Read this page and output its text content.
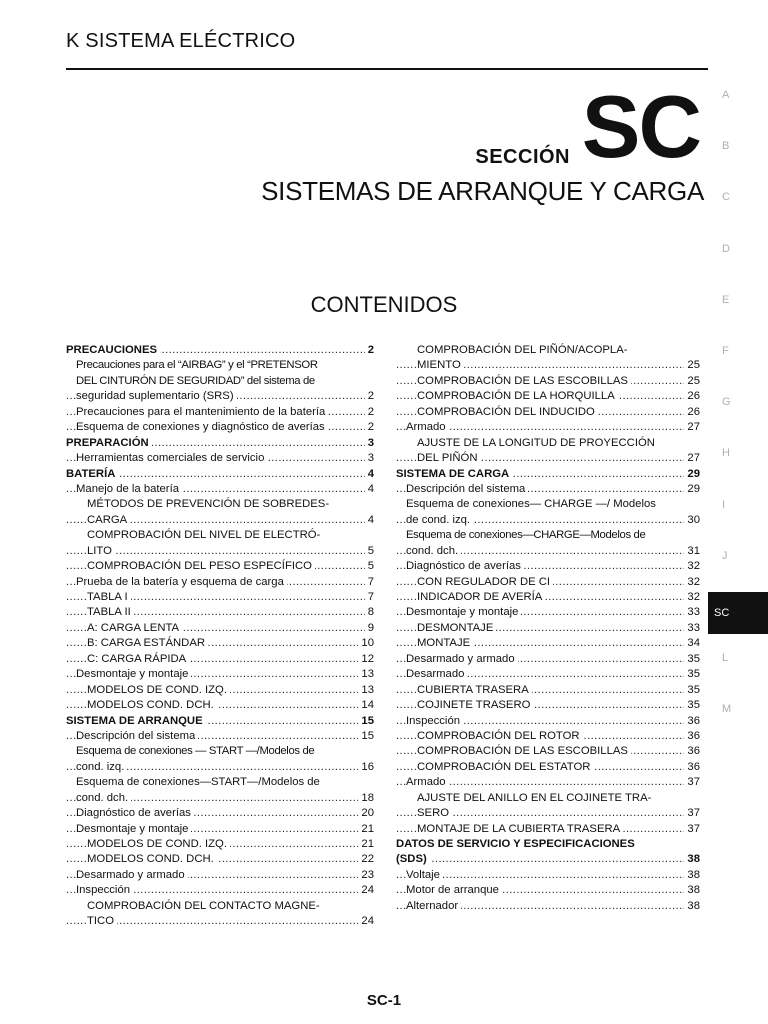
K SISTEMA ELÉCTRICO
SECCIÓN SC
SISTEMAS DE ARRANQUE Y CARGA
CONTENIDOS
..... PRECAUCIONES	2
Precauciones para el “AIRBAG” y el “PRETENSOR
DEL CINTURÓN DE SEGURIDAD” del sistema de
..... seguridad suplementario (SRS)	2
..... Precauciones para el mantenimiento de la batería	2
..... Esquema de conexiones y diagnóstico de averías	2
..... PREPARACIÓN	3
..... Herramientas comerciales de servicio	3
..... BATERÍA	4
..... Manejo de la batería	4
MÉTODOS DE PREVENCIÓN DE SOBREDES-
..... CARGA	4
COMPROBACIÓN DEL NIVEL DE ELECTRÓ-
..... LITO	5
..... COMPROBACIÓN DEL PESO ESPECÍFICO	5
..... Prueba de la batería y esquema de carga	7
..... TABLA I	7
..... TABLA II	8
..... A: CARGA LENTA	9
..... B: CARGA ESTÁNDAR	10
..... C: CARGA RÁPIDA	12
..... Desmontaje y montaje	13
..... MODELOS DE COND. IZQ.	13
..... MODELOS COND. DCH.	14
..... SISTEMA DE ARRANQUE	15
..... Descripción del sistema	15
Esquema de conexiones — START —/Modelos de
..... cond. izq.	16
Esquema de conexiones—START—/Modelos de
..... cond. dch.	18
..... Diagnóstico de averías	20
..... Desmontaje y montaje	21
..... MODELOS DE COND. IZQ.	21
..... MODELOS COND. DCH.	22
..... Desarmado y armado	23
..... Inspección	24
COMPROBACIÓN DEL CONTACTO MAGNE-
..... TICO	24
COMPROBACIÓN DEL PIÑÓN/ACOPLA-
..... MIENTO	25
..... COMPROBACIÓN DE LAS ESCOBILLAS	25
..... COMPROBACIÓN DE LA HORQUILLA	26
..... COMPROBACIÓN DEL INDUCIDO	26
..... Armado	27
AJUSTE DE LA LONGITUD DE PROYECCIÓN
..... DEL PIÑÓN	27
..... SISTEMA DE CARGA	29
..... Descripción del sistema	29
Esquema de conexiones— CHARGE —/ Modelos
..... de cond. izq.	30
Esquema de conexiones—CHARGE—Modelos de
..... cond. dch.	31
..... Diagnóstico de averías	32
..... CON REGULADOR DE CI	32
..... INDICADOR DE AVERÍA	32
..... Desmontaje y montaje	33
..... DESMONTAJE	33
..... MONTAJE	34
..... Desarmado y armado	35
..... Desarmado	35
..... CUBIERTA TRASERA	35
..... COJINETE TRASERO	35
..... Inspección	36
..... COMPROBACIÓN DEL ROTOR	36
..... COMPROBACIÓN DE LAS ESCOBILLAS	36
..... COMPROBACIÓN DEL ESTATOR	36
..... Armado	37
AJUSTE DEL ANILLO EN EL COJINETE TRA-
..... SERO	37
..... MONTAJE DE LA CUBIERTA TRASERA	37
DATOS DE SERVICIO Y ESPECIFICACIONES
..... (SDS)	38
..... Voltaje	38
..... Motor de arranque	38
..... Alternador	38
A
B
C
D
E
F
G
H
I
J
SC
L
M
SC-1
